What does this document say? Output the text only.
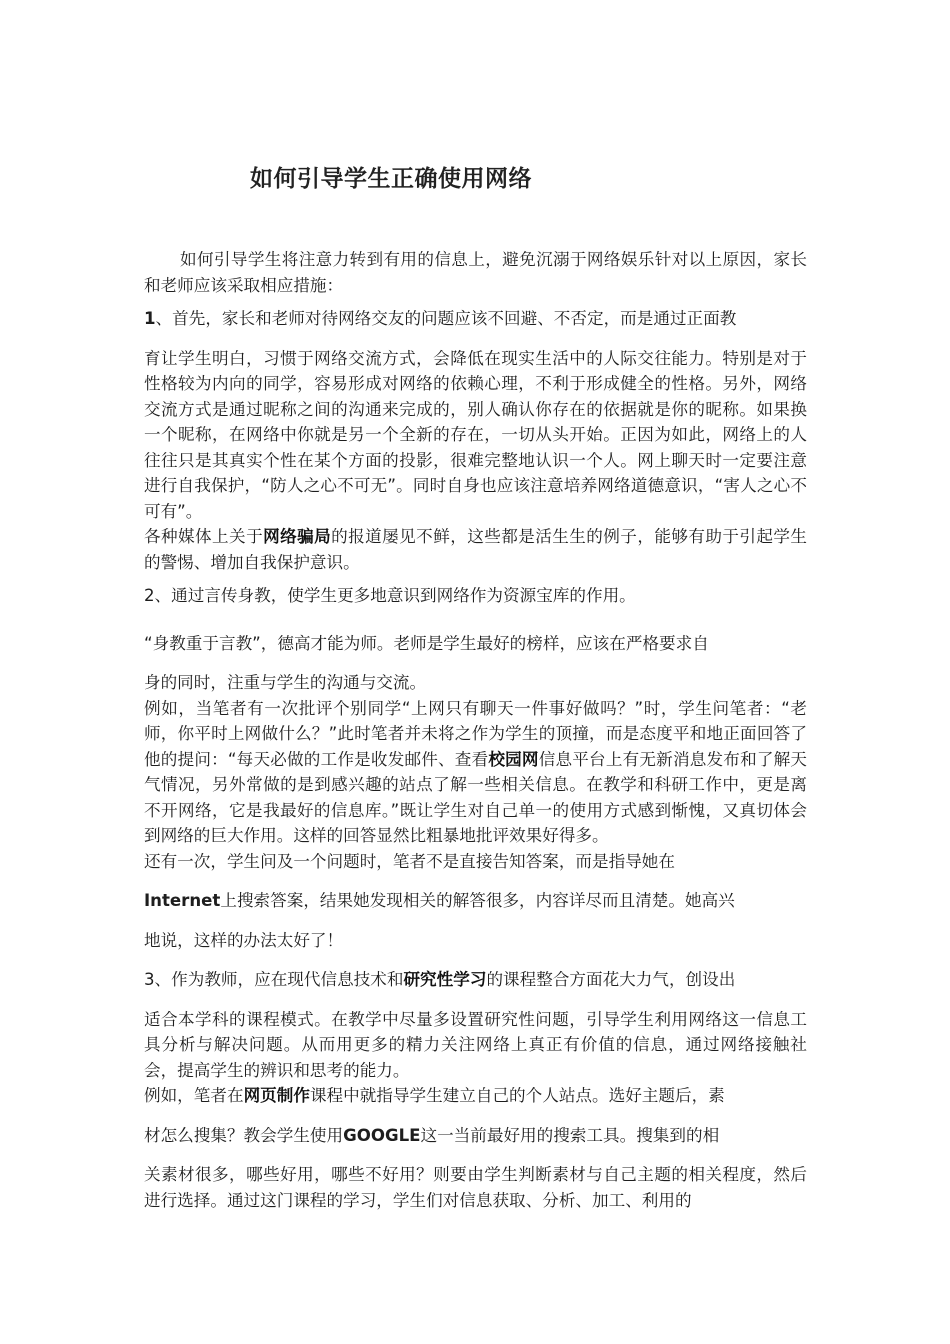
如何引导学生正确使用网络

如何引导学生将注意力转到有用的信息上，避免沉溺于网络娱乐针对以上原因，家长和老师应该采取相应措施：

1、首先，家长和老师对待网络交友的问题应该不回避、不否定，而是通过正面教

育让学生明白，习惯于网络交流方式，会降低在现实生活中的人际交往能力。特别是对于性格较为内向的同学，容易形成对网络的依赖心理，不利于形成健全的性格。另外，网络交流方式是通过昵称之间的沟通来完成的，别人确认你存在的依据就是你的昵称。如果换一个昵称，在网络中你就是另一个全新的存在，一切从头开始。正因为如此，网络上的人往往只是其真实个性在某个方面的投影，很难完整地认识一个人。网上聊天时一定要注意进行自我保护，“防人之心不可无”。同时自身也应该注意培养网络道德意识，“害人之心不可有”。

各种媒体上关于网络骗局的报道屡见不鲜，这些都是活生生的例子，能够有助于引起学生的警惕、增加自我保护意识。

2、通过言传身教，使学生更多地意识到网络作为资源宝库的作用。

“身教重于言教”，德高才能为师。老师是学生最好的榜样，应该在严格要求自

身的同时，注重与学生的沟通与交流。

例如，当笔者有一次批评个别同学“上网只有聊天一件事好做吗？”时，学生问笔者：“老师，你平时上网做什么？”此时笔者并未将之作为学生的顶撞，而是态度平和地正面回答了他的提问：“每天必做的工作是收发邮件、查看校园网信息平台上有无新消息发布和了解天气情况，另外常做的是到感兴趣的站点了解一些相关信息。在教学和科研工作中，更是离不开网络，它是我最好的信息库。”既让学生对自己单一的使用方式感到惭愧，又真切体会到网络的巨大作用。这样的回答显然比粗暴地批评效果好得多。

还有一次，学生问及一个问题时，笔者不是直接告知答案，而是指导她在

Internet上搜索答案，结果她发现相关的解答很多，内容详尽而且清楚。她高兴

地说，这样的办法太好了！

3、作为教师，应在现代信息技术和研究性学习的课程整合方面花大力气，创设出

适合本学科的课程模式。在教学中尽量多设置研究性问题，引导学生利用网络这一信息工具分析与解决问题。从而用更多的精力关注网络上真正有价值的信息，通过网络接触社会，提高学生的辨识和思考的能力。

例如，笔者在网页制作课程中就指导学生建立自己的个人站点。选好主题后，素

材怎么搜集？教会学生使用GOOGLE这一当前最好用的搜索工具。搜集到的相

关素材很多，哪些好用，哪些不好用？则要由学生判断素材与自己主题的相关程度，然后进行选择。通过这门课程的学习，学生们对信息获取、分析、加工、利用的
